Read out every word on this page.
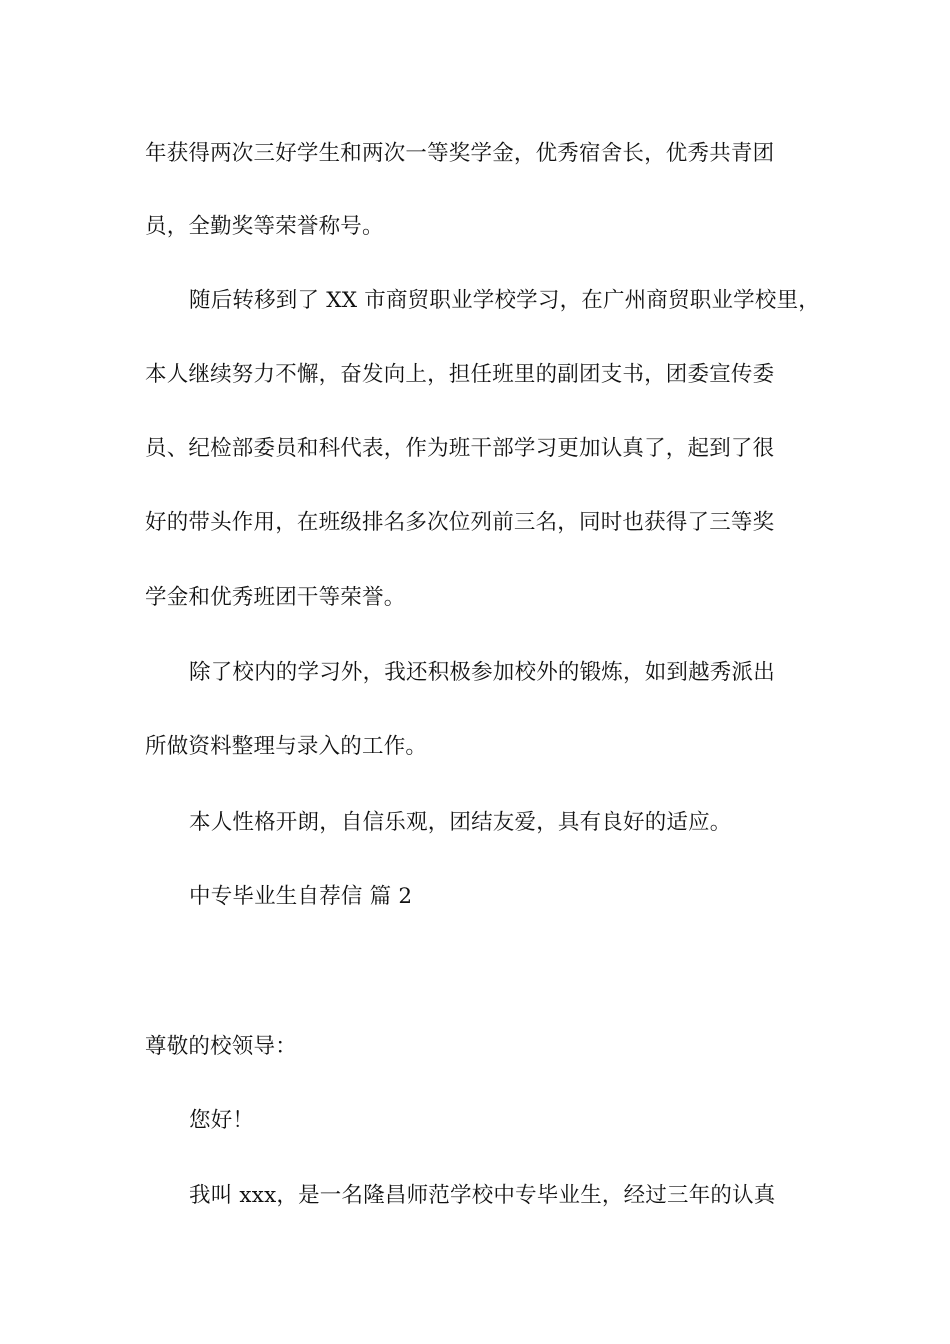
年获得两次三好学生和两次一等奖学金，优秀宿舍长，优秀共青团
员，全勤奖等荣誉称号。
随后转移到了 XX 市商贸职业学校学习，在广州商贸职业学校里，
本人继续努力不懈，奋发向上，担任班里的副团支书，团委宣传委
员、纪检部委员和科代表，作为班干部学习更加认真了，起到了很
好的带头作用，在班级排名多次位列前三名，同时也获得了三等奖
学金和优秀班团干等荣誉。
除了校内的学习外，我还积极参加校外的锻炼，如到越秀派出
所做资料整理与录入的工作。
本人性格开朗，自信乐观，团结友爱，具有良好的适应。
中专毕业生自荐信 篇 2
尊敬的校领导：
您好！
我叫 xxx，是一名隆昌师范学校中专毕业生，经过三年的认真
